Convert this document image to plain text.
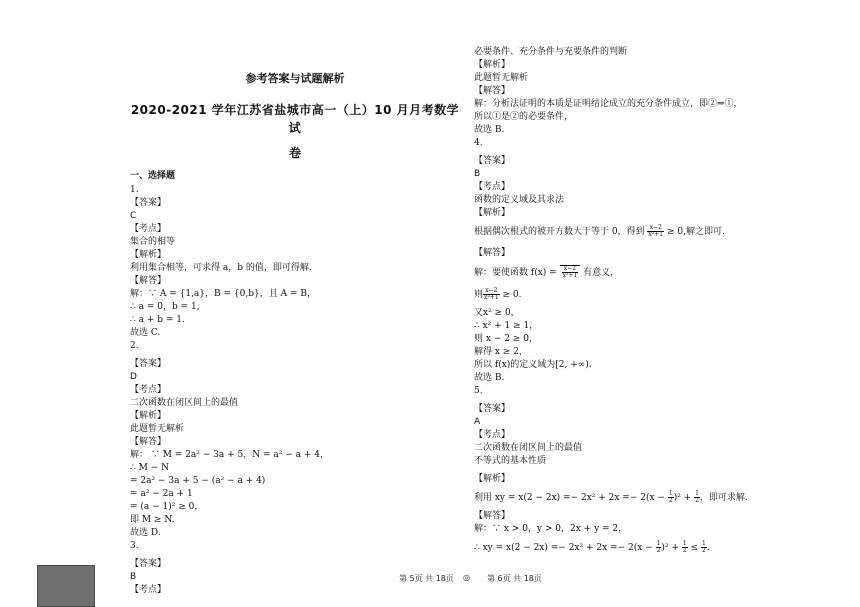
参考答案与试题解析
2020-2021 学年江苏省盐城市高一（上）10 月月考数学试
卷
一、选择题
1.
【答案】
C
【考点】
集合的相等
【解析】
利用集合相等，可求得 a，b 的值，即可得解.
【解答】
解：∵ A = {1,a}，B = {0,b}，且 A = B，
∴ a = 0，b = 1,
∴ a + b = 1.
故选 C.
2.
【答案】
D
【考点】
二次函数在闭区间上的最值
【解析】
此题暂无解析
【解答】
解： ∵ M = 2a² − 3a + 5，N = a² − a + 4，
∴ M − N
= 2a² − 3a + 5 − (a² − a + 4)
= a² − 2a + 1
= (a − 1)² ≥ 0，
即 M ≥ N.
故选 D.
3.
【答案】
B
【考点】
必要条件、充分条件与充要条件的判断
【解析】
此题暂无解析
【解答】
解：分析法证明的本质是证明结论成立的充分条件成立，即②⇒①，
所以①是②的必要条件，
故选 B.
4.
【答案】
B
【考点】
函数的定义域及其求法
【解析】
根据偶次根式的被开方数大于等于 0，得到 $\frac{x-2}{\text{x²+1}} \ge 0$,解之即可.
【解答】
解：要使函数 $f(x) = \frac{x-2}{\text{x²+1}}$ 有意义，
则 $\frac{x-2}{\text{x²+1}} \ge 0$.
又x² ≥ 0，
∴ x² + 1 ≥ 1，
则 x − 2 ≥ 0，
解得 x ≥ 2，
所以 f(x)的定义域为[2, +∞).
故选 B.
5.
【答案】
A
【考点】
二次函数在闭区间上的最值
不等式的基本性质
【解析】
利用 xy = $x(2 - 2x) =- 2x^2 + 2x =- 2(x - \frac{1}{2} )^2 + \frac{1}{2}$ ，即可求解.
【解答】
解：∵ x > 0，y > 0，2x + y = 2，
∴ xy = $x(2 - 2x) =- 2x^2 + 2x =- 2(x - \frac{1}{2} )^2 + \frac{1}{2} \le \frac{1}{2}$ .
第 5页 共 18页 ◎ 第 6页 共 18页
